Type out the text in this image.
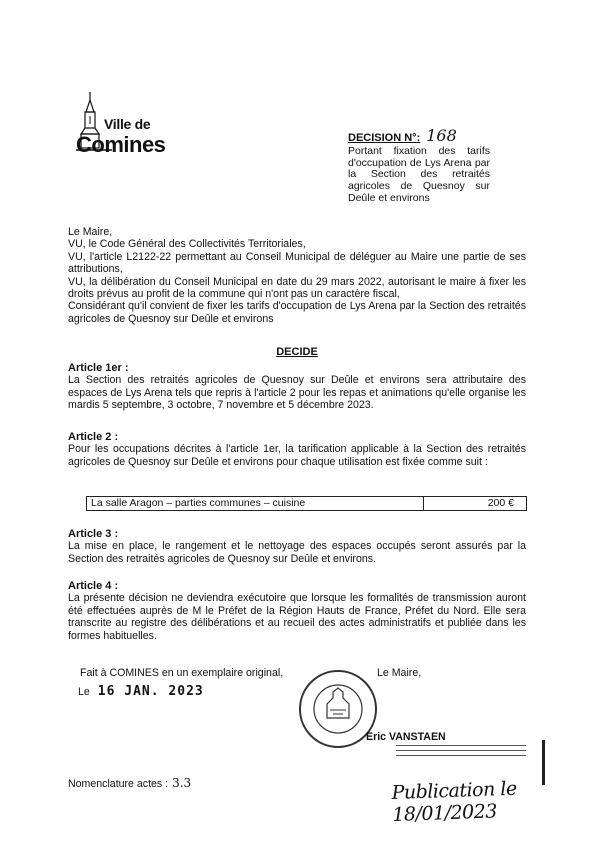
Ville de
Comines	DECISION N°: 168
Portant fixation des tarifs d'occupation de Lys Arena par la Section des retraités agricoles de Quesnoy sur Deûle et environs

Le Maire,

VU, le Code Général des Collectivités Territoriales,

VU, l'article L2122-22 permettant au Conseil Municipal de déléguer au Maire une partie de ses attributions,

VU, la délibération du Conseil Municipal en date du 29 mars 2022, autorisant le maire à fixer les droits prévus au profit de la commune qui n'ont pas un caractère fiscal,

Considérant qu'il convient de fixer les tarifs d'occupation de Lys Arena par la Section des retraités agricoles de Quesnoy sur Deûle et environs

DECIDE

Article 1er :

La Section des retraités agricoles de Quesnoy sur Deûle et environs sera attributaire des espaces de Lys Arena tels que repris à l'article 2 pour les repas et animations qu'elle organise les mardis 5 septembre, 3 octobre, 7 novembre et 5 décembre 2023.

Article 2 :

Pour les occupations décrites à l'article 1er, la tarification applicable à la Section des retraités agricoles de Quesnoy sur Deûle et environs pour chaque utilisation est fixée comme suit :

La salle Aragon – parties communes – cuisine	200 €

Article 3 :

La mise en place, le rangement et le nettoyage des espaces occupés seront assurés par la Section des retraités agricoles de Quesnoy sur Deûle et environs.

Article 4 :

La présente décision ne deviendra exécutoire que lorsque les formalités de transmission auront été effectuées auprès de M le Préfet de la Région Hauts de France, Préfet du Nord. Elle sera transcrite au registre des délibérations et au recueil des actes administratifs et publiée dans les formes habituelles.

Fait à COMINES en un exemplaire original,
Le 16 JAN. 2023
Le Maire,
Eric VANSTAEN
Nomenclature actes : 3.3	Publication le 18/01/2023
